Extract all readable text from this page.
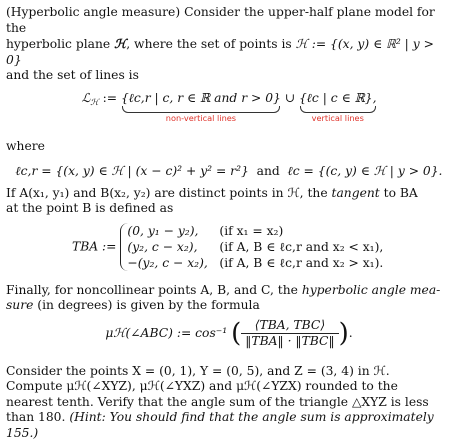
(Hyperbolic angle measure) Consider the upper-half plane model for the
hyperbolic plane ℋ, where the set of points is ℋ := {(x, y) ∈ ℝ² | y > 0}
and the set of lines is

ℒ$_ℋ$ := {ℓc,r | c, r ∈ ℝ and r > 0}
non-vertical lines
∪ {ℓc | c ∈ ℝ},
vertical lines

where

ℓc,r = {(x, y) ∈ ℋ | (x − c)² + y² = r²} and ℓc = {(c, y) ∈ ℋ | y > 0}.

If A(x₁, y₁) and B(x₂, y₂) are distinct points in ℋ, the tangent to BA
at the point B is defined as

TBA :=
(0, y₁ − y₂),	(if x₁ = x₂)
(y₂, c − x₂),	(if A, B ∈ ℓc,r and x₂ < x₁),
−(y₂, c − x₂), (if A, B ∈ ℓc,r and x₂ > x₁).

Finally, for noncollinear points A, B, and C, the hyperbolic angle mea-
sure (in degrees) is given by the formula

μℋ(∠ABC) := cos⁻¹ ( $\frac{\text{⟨TBA, TBC⟩}}{\text{‖TBA‖ · ‖TBC‖}}$ ).

Consider the points X = (0, 1), Y = (0, 5), and Z = (3, 4) in ℋ.
Compute μℋ(∠XYZ), μℋ(∠YXZ) and μℋ(∠YZX) rounded to the
nearest tenth. Verify that the angle sum of the triangle △XYZ is less
than 180. (Hint: You should find that the angle sum is approximately
155.)
